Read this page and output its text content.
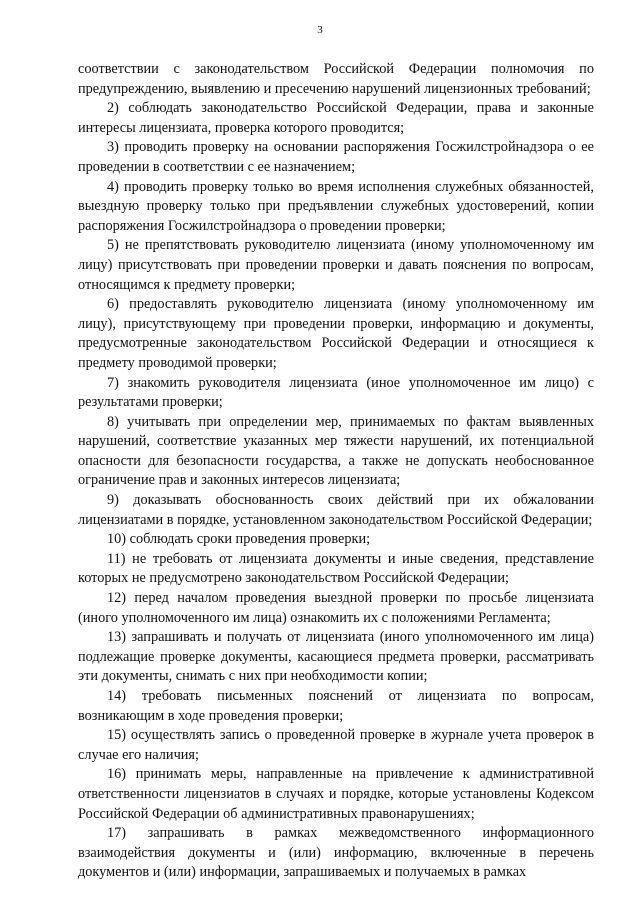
3

соответствии с законодательством Российской Федерации полномочия по предупреждению, выявлению и пресечению нарушений лицензионных требований;

2) соблюдать законодательство Российской Федерации, права и законные интересы лицензиата, проверка которого проводится;

3) проводить проверку на основании распоряжения Госжилстройнадзора о ее проведении в соответствии с ее назначением;

4) проводить проверку только во время исполнения служебных обязанностей, выездную проверку только при предъявлении служебных удостоверений, копии распоряжения Госжилстройнадзора о проведении проверки;

5) не препятствовать руководителю лицензиата (иному уполномоченному им лицу) присутствовать при проведении проверки и давать пояснения по вопросам, относящимся к предмету проверки;

6) предоставлять руководителю лицензиата (иному уполномоченному им лицу), присутствующему при проведении проверки, информацию и документы, предусмотренные законодательством Российской Федерации и относящиеся к предмету проводимой проверки;

7) знакомить руководителя лицензиата (иное уполномоченное им лицо) с результатами проверки;

8) учитывать при определении мер, принимаемых по фактам выявленных нарушений, соответствие указанных мер тяжести нарушений, их потенциальной опасности для безопасности государства, а также не допускать необоснованное ограничение прав и законных интересов лицензиата;

9) доказывать обоснованность своих действий при их обжаловании лицензиатами в порядке, установленном законодательством Российской Федерации;

10) соблюдать сроки проведения проверки;

11) не требовать от лицензиата документы и иные сведения, представление которых не предусмотрено законодательством Российской Федерации;

12) перед началом проведения выездной проверки по просьбе лицензиата (иного уполномоченного им лица) ознакомить их с положениями Регламента;

13) запрашивать и получать от лицензиата (иного уполномоченного им лица) подлежащие проверке документы, касающиеся предмета проверки, рассматривать эти документы, снимать с них при необходимости копии;

14) требовать письменных пояснений от лицензиата по вопросам, возникающим в ходе проведения проверки;

15) осуществлять запись о проведенной проверке в журнале учета проверок в случае его наличия;

16) принимать меры, направленные на привлечение к административной ответственности лицензиатов в случаях и порядке, которые установлены Кодексом Российской Федерации об административных правонарушениях;

17) запрашивать в рамках межведомственного информационного взаимодействия документы и (или) информацию, включенные в перечень документов и (или) информации, запрашиваемых и получаемых в рамках
